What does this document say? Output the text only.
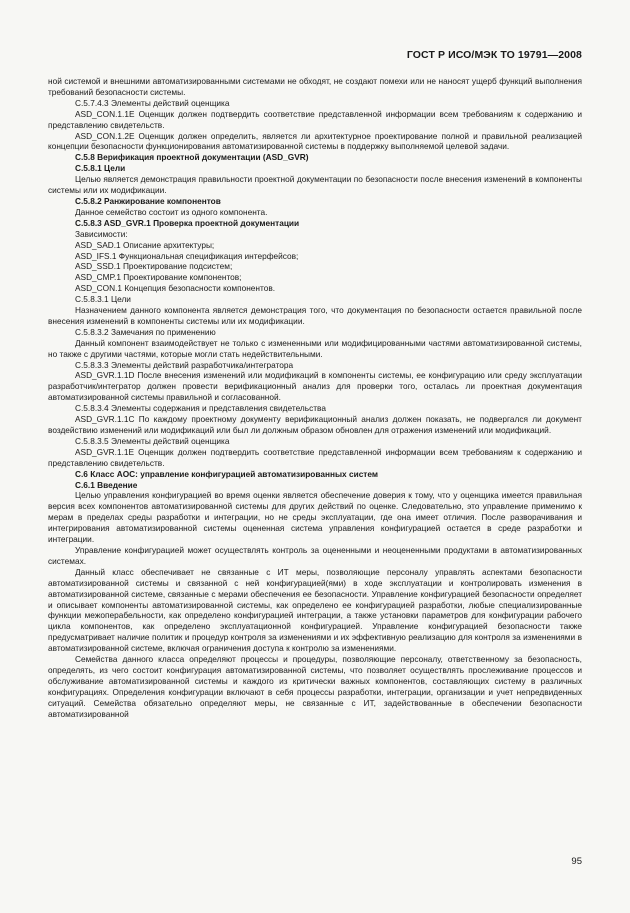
ГОСТ Р ИСО/МЭК ТО 19791—2008

ной системой и внешними автоматизированными системами не обходят, не создают помехи или не наносят ущерб функций выполнения требований безопасности системы.

C.5.7.4.3 Элементы действий оценщика

ASD_CON.1.1E Оценщик должен подтвердить соответствие представленной информации всем требованиям к содержанию и представлению свидетельств.

ASD_CON.1.2E Оценщик должен определить, является ли архитектурное проектирование полной и правильной реализацией концепции безопасности функционирования автоматизированной системы в поддержку выполняемой целевой задачи.

C.5.8 Верификация проектной документации (ASD_GVR)

C.5.8.1 Цели

Целью является демонстрация правильности проектной документации по безопасности после внесения изменений в компоненты системы или их модификации.

C.5.8.2 Ранжирование компонентов

Данное семейство состоит из одного компонента.

C.5.8.3 ASD_GVR.1 Проверка проектной документации

Зависимости:

ASD_SAD.1 Описание архитектуры;

ASD_IFS.1 Функциональная спецификация интерфейсов;

ASD_SSD.1 Проектирование подсистем;

ASD_CMP.1 Проектирование компонентов;

ASD_CON.1 Концепция безопасности компонентов.

C.5.8.3.1 Цели

Назначением данного компонента является демонстрация того, что документация по безопасности остается правильной после внесения изменений в компоненты системы или их модификации.

C.5.8.3.2 Замечания по применению

Данный компонент взаимодействует не только с измененными или модифицированными частями автоматизированной системы, но также с другими частями, которые могли стать недействительными.

C.5.8.3.3 Элементы действий разработчика/интегратора

ASD_GVR.1.1D После внесения изменений или модификаций в компоненты системы, ее конфигурацию или среду эксплуатации разработчик/интегратор должен провести верификационный анализ для проверки того, осталась ли проектная документация автоматизированной системы правильной и согласованной.

C.5.8.3.4 Элементы содержания и представления свидетельства

ASD_GVR.1.1C По каждому проектному документу верификационный анализ должен показать, не подвергался ли документ воздействию изменений или модификаций или был ли должным образом обновлен для отражения изменений или модификаций.

C.5.8.3.5 Элементы действий оценщика

ASD_GVR.1.1E Оценщик должен подтвердить соответствие представленной информации всем требованиям к содержанию и представлению свидетельств.

C.6 Класс AOC: управление конфигурацией автоматизированных систем

C.6.1 Введение

Целью управления конфигурацией во время оценки является обеспечение доверия к тому, что у оценщика имеется правильная версия всех компонентов автоматизированной системы для других действий по оценке. Следовательно, это управление применимо к мерам в пределах среды разработки и интеграции, но не среды эксплуатации, где она имеет отличия. После разворачивания и интегрирования автоматизированной системы оцененная система управления конфигурацией остается в среде разработки и интеграции.

Управление конфигурацией может осуществлять контроль за оцененными и неоцененными продуктами в автоматизированных системах.

Данный класс обеспечивает не связанные с ИТ меры, позволяющие персоналу управлять аспектами безопасности автоматизированной системы и связанной с ней конфигурацией(ями) в ходе эксплуатации и контролировать изменения в автоматизированной системе, связанные с мерами обеспечения ее безопасности. Управление конфигурацией безопасности определяет и описывает компоненты автоматизированной системы, как определено ее конфигурацией разработки, любые специализированные функции межоперабельности, как определено конфигурацией интеграции, а также установки параметров для конфигурации рабочего цикла компонентов, как определено эксплуатационной конфигурацией. Управление конфигурацией безопасности также предусматривает наличие политик и процедур контроля за изменениями и их эффективную реализацию для контроля за изменениями в автоматизированной системе, включая ограничения доступа к контролю за изменениями.

Семейства данного класса определяют процессы и процедуры, позволяющие персоналу, ответственному за безопасность, определять, из чего состоит конфигурация автоматизированной системы, что позволяет осуществлять прослеживание процессов и обслуживание автоматизированной системы и каждого из критически важных компонентов, составляющих систему в различных конфигурациях. Определения конфигурации включают в себя процессы разработки, интеграции, организации и учет непредвиденных ситуаций. Семейства обязательно определяют меры, не связанные с ИТ, задействованные в обеспечении безопасности автоматизированной

95
